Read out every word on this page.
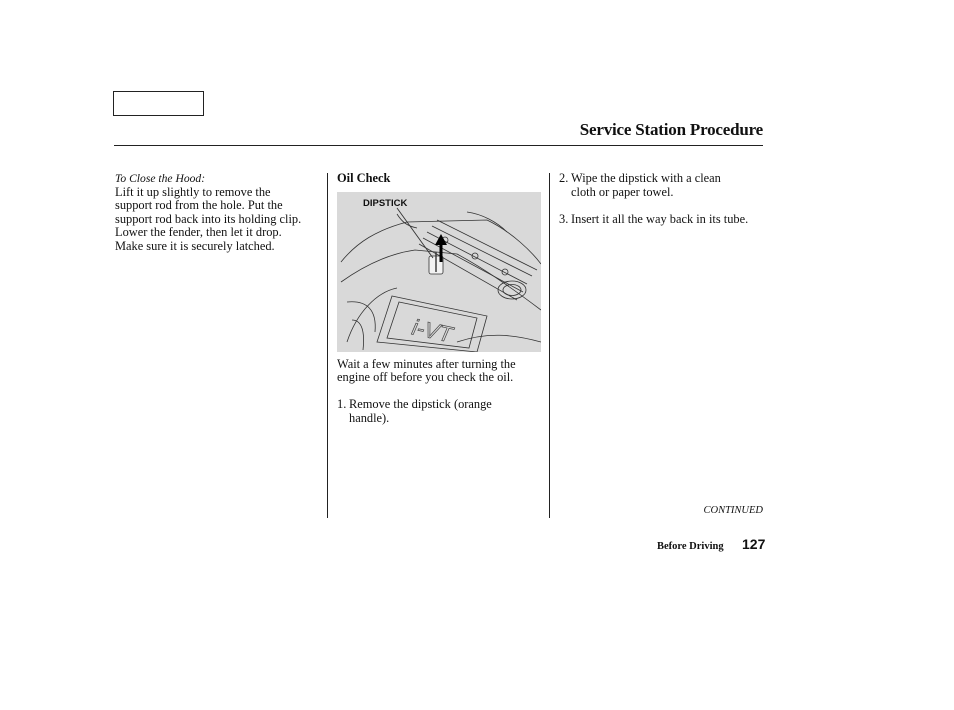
Service Station Procedure
To Close the Hood:
Lift it up slightly to remove the
support rod from the hole. Put the
support rod back into its holding clip.
Lower the fender, then let it drop.
Make sure it is securely latched.
Oil Check
Wait a few minutes after turning the
engine off before you check the oil.
1. Remove the dipstick (orange
handle).
i-VT
DIPSTICK
2. Wipe the dipstick with a clean
cloth or paper towel.
3. Insert it all the way back in its tube.
CONTINUED
Before Driving 127
